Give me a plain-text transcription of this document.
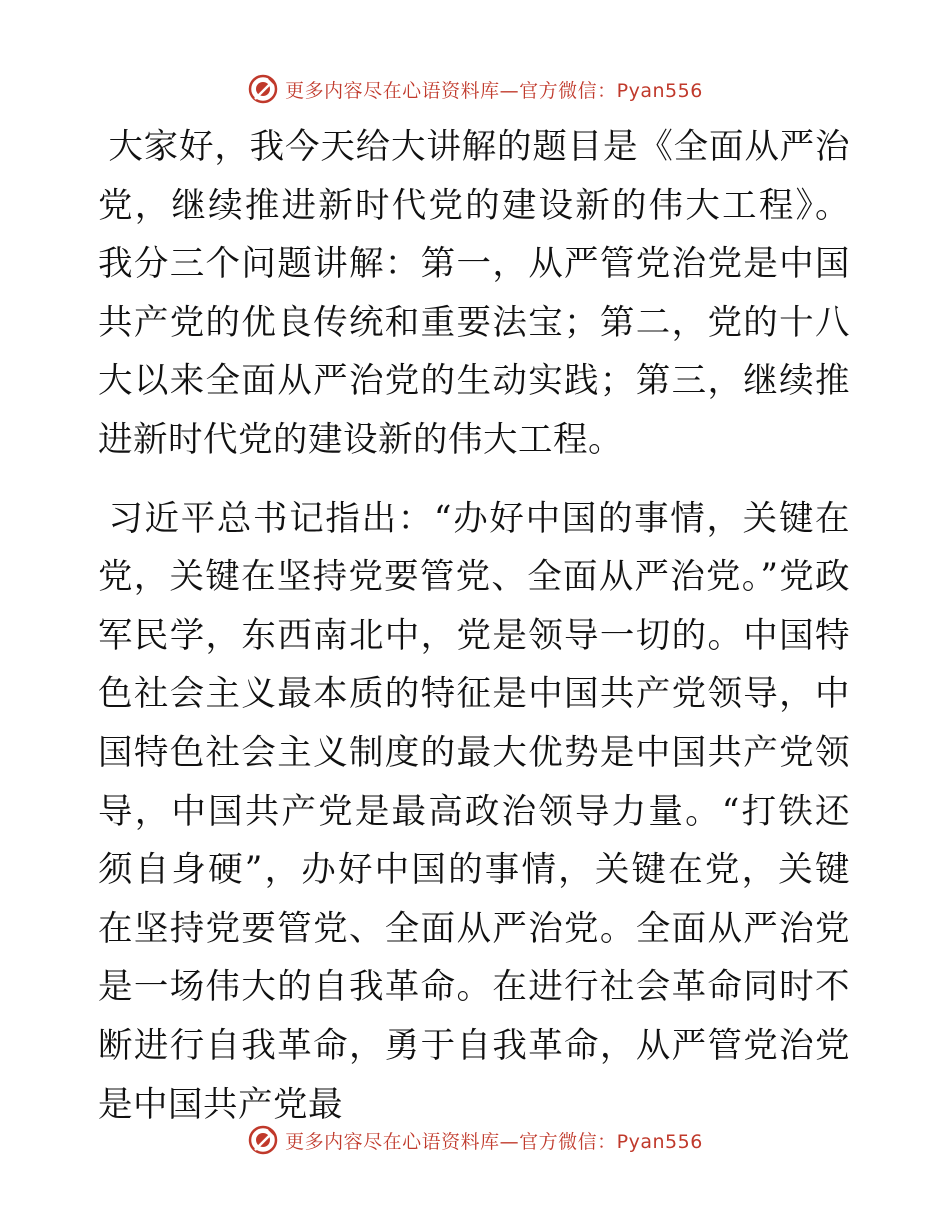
更多内容尽在心语资料库—官方微信：Pyan556

大家好，我今天给大讲解的题目是《全面从严治党，继续推进新时代党的建设新的伟大工程》。我分三个问题讲解：第一，从严管党治党是中国共产党的优良传统和重要法宝；第二，党的十八大以来全面从严治党的生动实践；第三，继续推进新时代党的建设新的伟大工程。

习近平总书记指出：“办好中国的事情，关键在党，关键在坚持党要管党、全面从严治党。”党政军民学，东西南北中，党是领导一切的。中国特色社会主义最本质的特征是中国共产党领导，中国特色社会主义制度的最大优势是中国共产党领导，中国共产党是最高政治领导力量。“打铁还须自身硬”，办好中国的事情，关键在党，关键在坚持党要管党、全面从严治党。全面从严治党是一场伟大的自我革命。在进行社会革命同时不断进行自我革命，勇于自我革命，从严管党治党是中国共产党最

更多内容尽在心语资料库—官方微信：Pyan556
